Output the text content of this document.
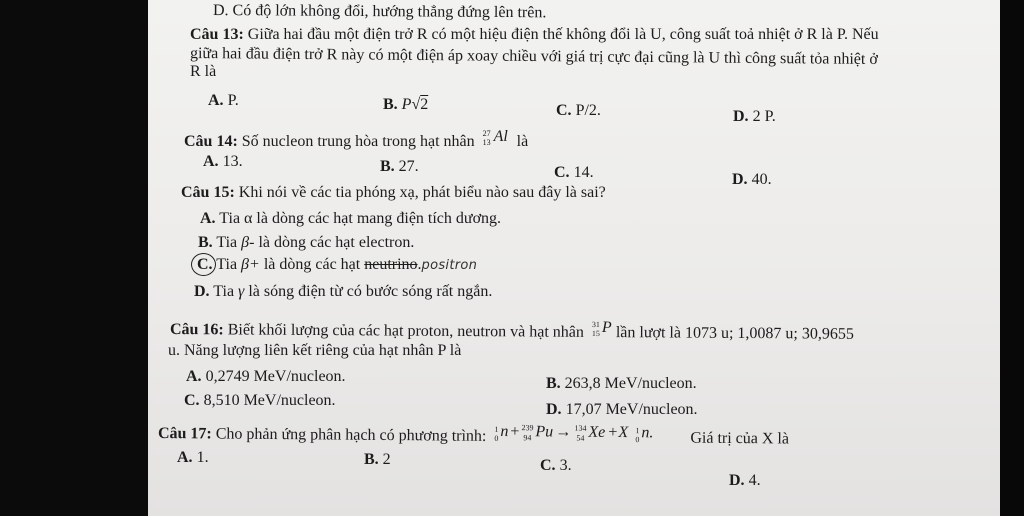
D. Có độ lớn không đổi, hướng thẳng đứng lên trên.
Câu 13: Giữa hai đầu một điện trở R có một hiệu điện thế không đổi là U, công suất toả nhiệt ở R là P. Nếu
giữa hai đầu điện trở R này có một điện áp xoay chiều với giá trị cực đại cũng là U thì công suất tỏa nhiệt ở
R là
A. P.	B. P√2	C. P/2.	D. 2 P.
Câu 14: Số nucleon trung hòa trong hạt nhân 27
13 Al là
A. 13.	B. 27.	C. 14.	D. 40.
Câu 15: Khi nói về các tia phóng xạ, phát biểu nào sau đây là sai?
A. Tia α là dòng các hạt mang điện tích dương.
B. Tia β- là dòng các hạt electron.
C. Tia β+ là dòng các hạt neutrino.positron
D. Tia γ là sóng điện từ có bước sóng rất ngắn.
Câu 16: Biết khối lượng của các hạt proton, neutron và hạt nhân 31
15 P lần lượt là 1073 u; 1,0087 u; 30,9655
u. Năng lượng liên kết riêng của hạt nhân P là
A. 0,2749 MeV/nucleon.	B. 263,8 MeV/nucleon.
C. 8,510 MeV/nucleon.
D. 17,07 MeV/nucleon.
Câu 17: Cho phản ứng phân hạch có phương trình: 1
0 n + 239
94 Pu → 134
54 Xe + X 1
0 n. Giá trị của X là
A. 1.	B. 2	C. 3.
D. 4.
